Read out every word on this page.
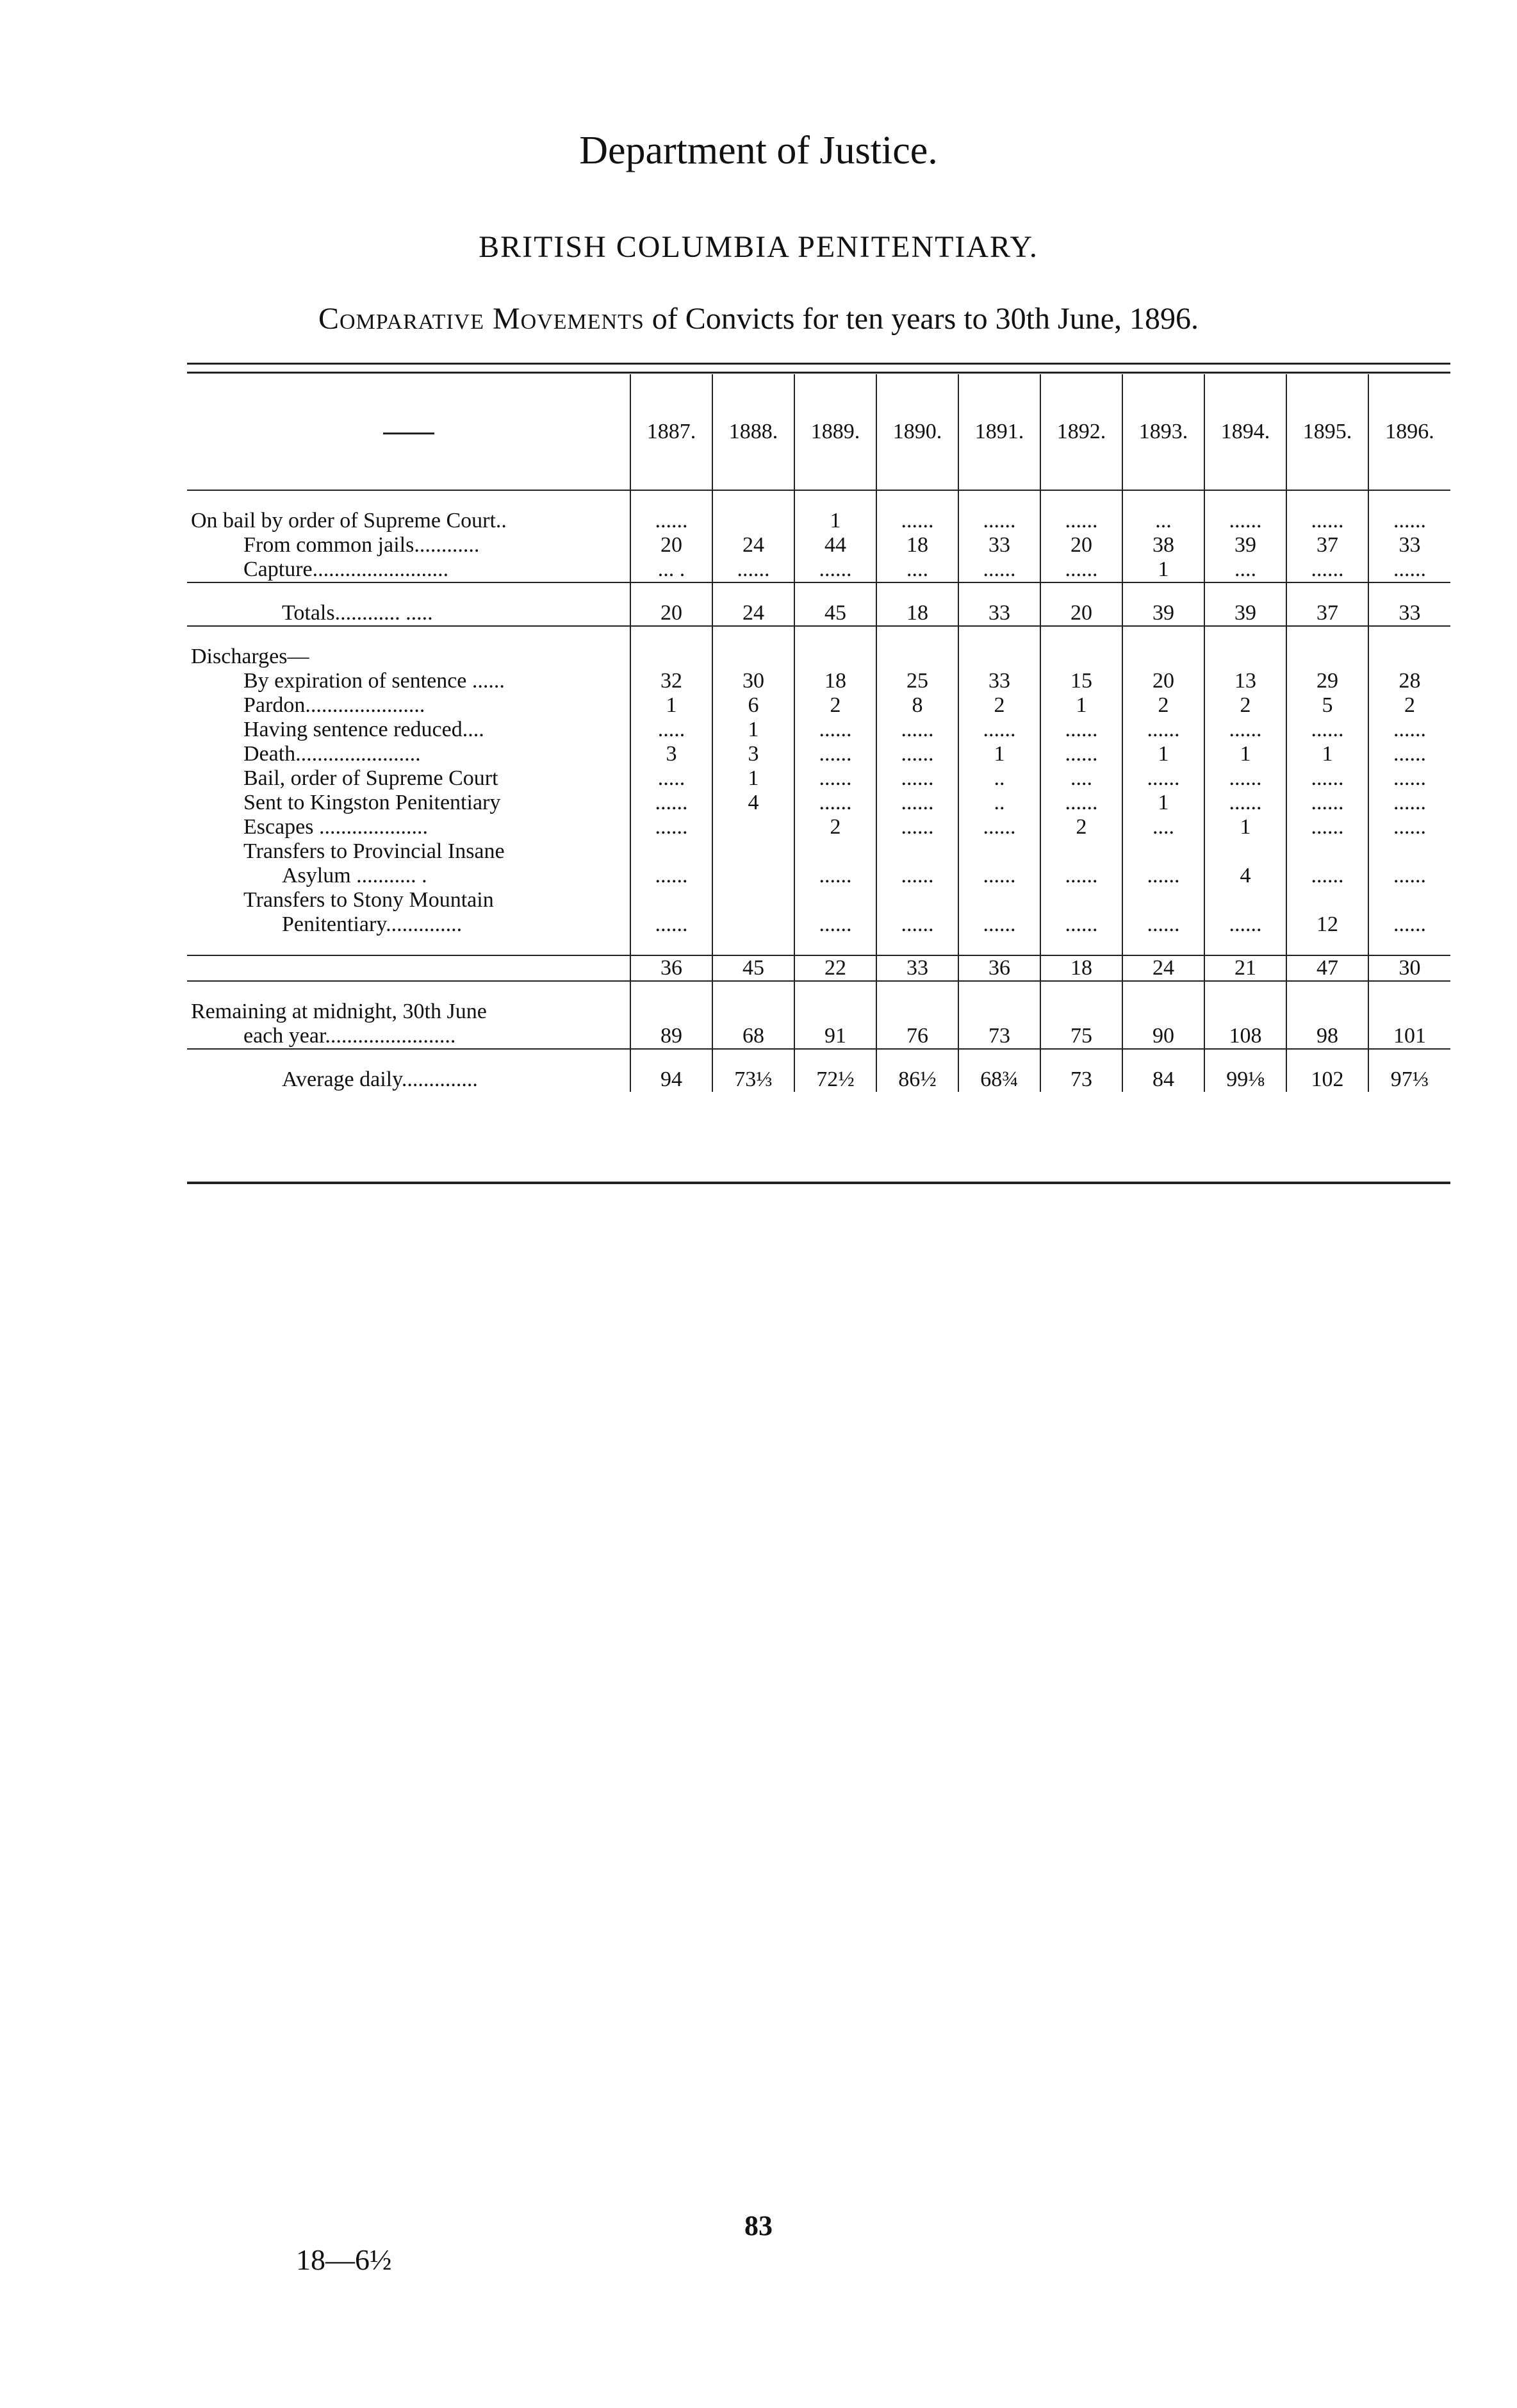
Department of Justice.
BRITISH COLUMBIA PENITENTIARY.
Comparative Movements of Convicts for ten years to 30th June, 1896.
	1887.	1888.	1889.	1890.	1891.	1892.	1893.	1894.	1895.	1896.

On bail by order of Supreme Court..	......		1	......	......	......	...	......	......	......
From common jails............	20	24	44	18	33	20	38	39	37	33
Capture.........................	... .	......	......	....	......	......	1	....	......	......

Totals............ .....	20	24	45	18	33	20	39	39	37	33

Discharges—										
By expiration of sentence ......	32	30	18	25	33	15	20	13	29	28
Pardon......................	1	6	2	8	2	1	2	2	5	2
Having sentence reduced....	.....	1	......	......	......	......	......	......	......	......
Death.......................	3	3	......	......	1	......	1	1	1	......
Bail, order of Supreme Court	.....	1	......	......	..	....	......	......	......	......
Sent to Kingston Penitentiary	......	4	......	......	..	......	1	......	......	......
Escapes ....................	......		2	......	......	2	....	1	......	......
Transfers to Provincial Insane										
Asylum ........... .	......		......	......	......	......	......	4	......	......
Transfers to Stony Mountain										
Penitentiary..............	......		......	......	......	......	......	......	12	......

	36	45	22	33	36	18	24	21	47	30

Remaining at midnight, 30th June										
each year........................	89	68	91	76	73	75	90	108	98	101

Average daily..............	94	73⅓	72½	86½	68¾	73	84	99⅛	102	97⅓
83
18—6½
